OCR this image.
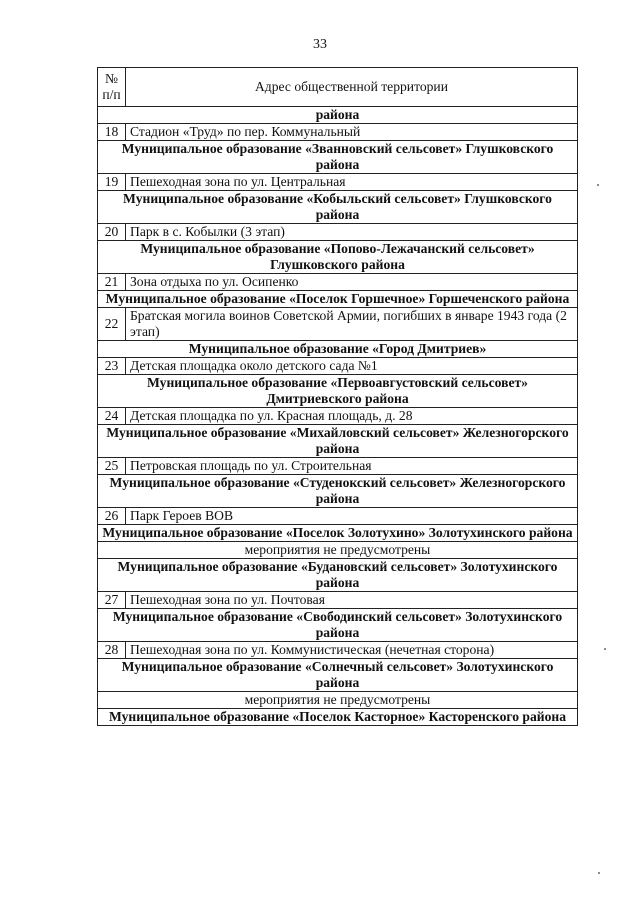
33
№
п/п	Адрес общественной территории
района	
18	Стадион «Труд» по пер. Коммунальный
Муниципальное образование «Званновский сельсовет» Глушковского района	
19	Пешеходная зона по ул. Центральная
Муниципальное образование «Кобыльский сельсовет» Глушковского района	
20	Парк в с. Кобылки (3 этап)
Муниципальное образование «Попово-Лежачанский сельсовет» Глушковского района	
21	Зона отдыха по ул. Осипенко
Муниципальное образование «Поселок Горшечное» Горшеченского района	
22	Братская могила воинов Советской Армии, погибших в январе 1943 года (2 этап)
Муниципальное образование «Город Дмитриев»	
23	Детская площадка около детского сада №1
Муниципальное образование «Первоавгустовский сельсовет» Дмитриевского района	
24	Детская площадка по ул. Красная площадь, д. 28
Муниципальное образование «Михайловский сельсовет» Железногорского района	
25	Петровская площадь по ул. Строительная
Муниципальное образование «Студенокский сельсовет» Железногорского района	
26	Парк Героев ВОВ
Муниципальное образование «Поселок Золотухино» Золотухинского района	
мероприятия не предусмотрены	
Муниципальное образование «Будановский сельсовет» Золотухинского района	
27	Пешеходная зона по ул. Почтовая
Муниципальное образование «Свободинский сельсовет» Золотухинского района	
28	Пешеходная зона по ул. Коммунистическая (нечетная сторона)
Муниципальное образование «Солнечный сельсовет» Золотухинского района	
мероприятия не предусмотрены	
Муниципальное образование «Поселок Касторное» Касторенского района	
